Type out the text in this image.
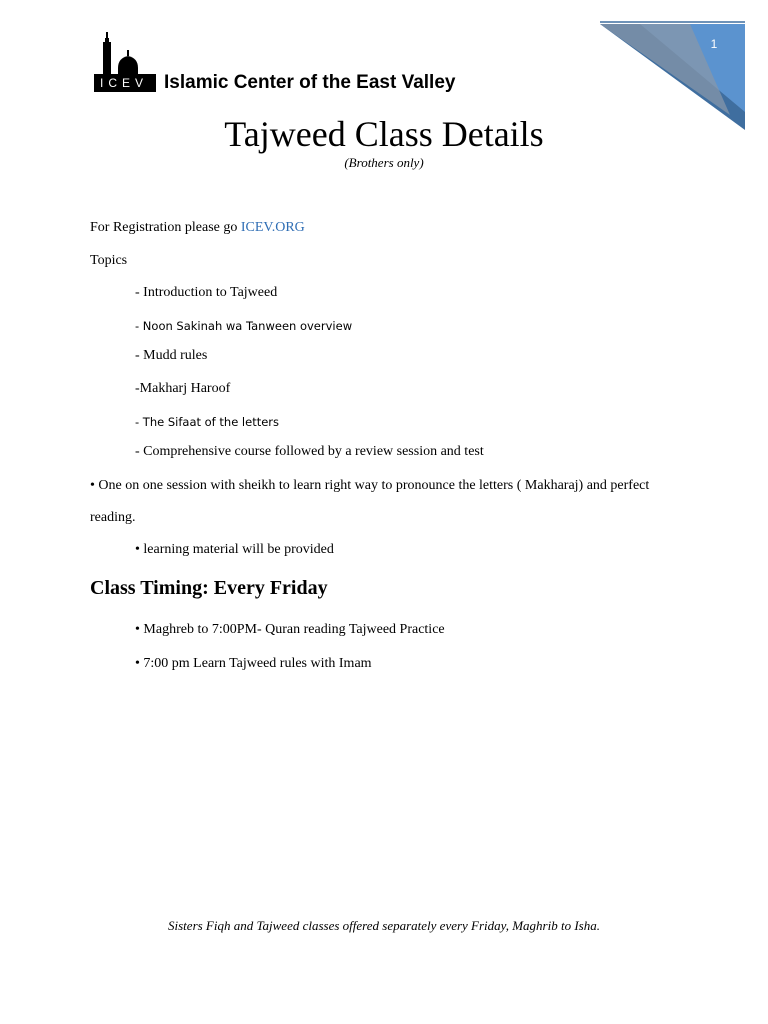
1
ICEV Islamic Center of the East Valley
Tajweed Class Details
(Brothers only)
For Registration please go ICEV.ORG
Topics
- Introduction to Tajweed
- Noon Sakinah wa Tanween overview
- Mudd rules
-Makharj Haroof
- The Sifaat of the letters
- Comprehensive course followed by a review session and test
• One on one session with sheikh to learn right way to pronounce the letters ( Makharaj) and perfect
reading.
• learning material will be provided
Class Timing: Every Friday
• Maghreb to 7:00PM- Quran reading Tajweed Practice
• 7:00 pm Learn Tajweed rules with Imam
Sisters Fiqh and Tajweed classes offered separately every Friday, Maghrib to Isha.
